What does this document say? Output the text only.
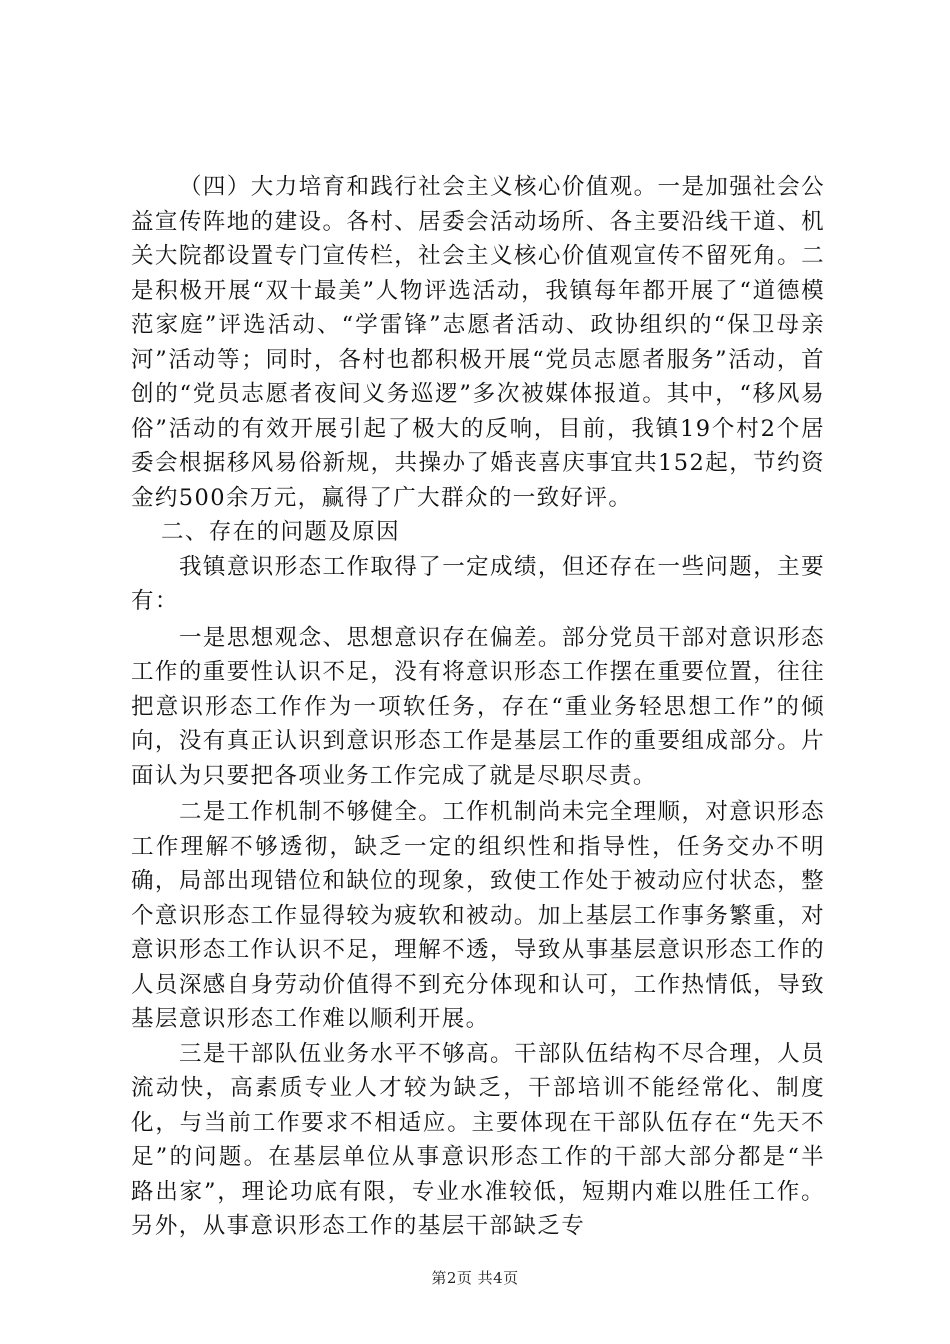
（四）大力培育和践行社会主义核心价值观。一是加强社会公益宣传阵地的建设。各村、居委会活动场所、各主要沿线干道、机关大院都设置专门宣传栏，社会主义核心价值观宣传不留死角。二是积极开展“双十最美”人物评选活动，我镇每年都开展了“道德模范家庭”评选活动、“学雷锋”志愿者活动、政协组织的“保卫母亲河”活动等；同时，各村也都积极开展“党员志愿者服务”活动，首创的“党员志愿者夜间义务巡逻”多次被媒体报道。其中，“移风易俗”活动的有效开展引起了极大的反响，目前，我镇19个村2个居委会根据移风易俗新规，共操办了婚丧喜庆事宜共152起，节约资金约500余万元，赢得了广大群众的一致好评。

二、存在的问题及原因

我镇意识形态工作取得了一定成绩，但还存在一些问题，主要有：

一是思想观念、思想意识存在偏差。部分党员干部对意识形态工作的重要性认识不足，没有将意识形态工作摆在重要位置，往往把意识形态工作作为一项软任务，存在“重业务轻思想工作”的倾向，没有真正认识到意识形态工作是基层工作的重要组成部分。片面认为只要把各项业务工作完成了就是尽职尽责。

二是工作机制不够健全。工作机制尚未完全理顺，对意识形态工作理解不够透彻，缺乏一定的组织性和指导性，任务交办不明确，局部出现错位和缺位的现象，致使工作处于被动应付状态，整个意识形态工作显得较为疲软和被动。加上基层工作事务繁重，对意识形态工作认识不足，理解不透，导致从事基层意识形态工作的人员深感自身劳动价值得不到充分体现和认可，工作热情低，导致基层意识形态工作难以顺利开展。

三是干部队伍业务水平不够高。干部队伍结构不尽合理，人员流动快，高素质专业人才较为缺乏，干部培训不能经常化、制度化，与当前工作要求不相适应。主要体现在干部队伍存在“先天不足”的问题。在基层单位从事意识形态工作的干部大部分都是“半路出家”，理论功底有限，专业水准较低，短期内难以胜任工作。另外，从事意识形态工作的基层干部缺乏专

第2页 共4页
